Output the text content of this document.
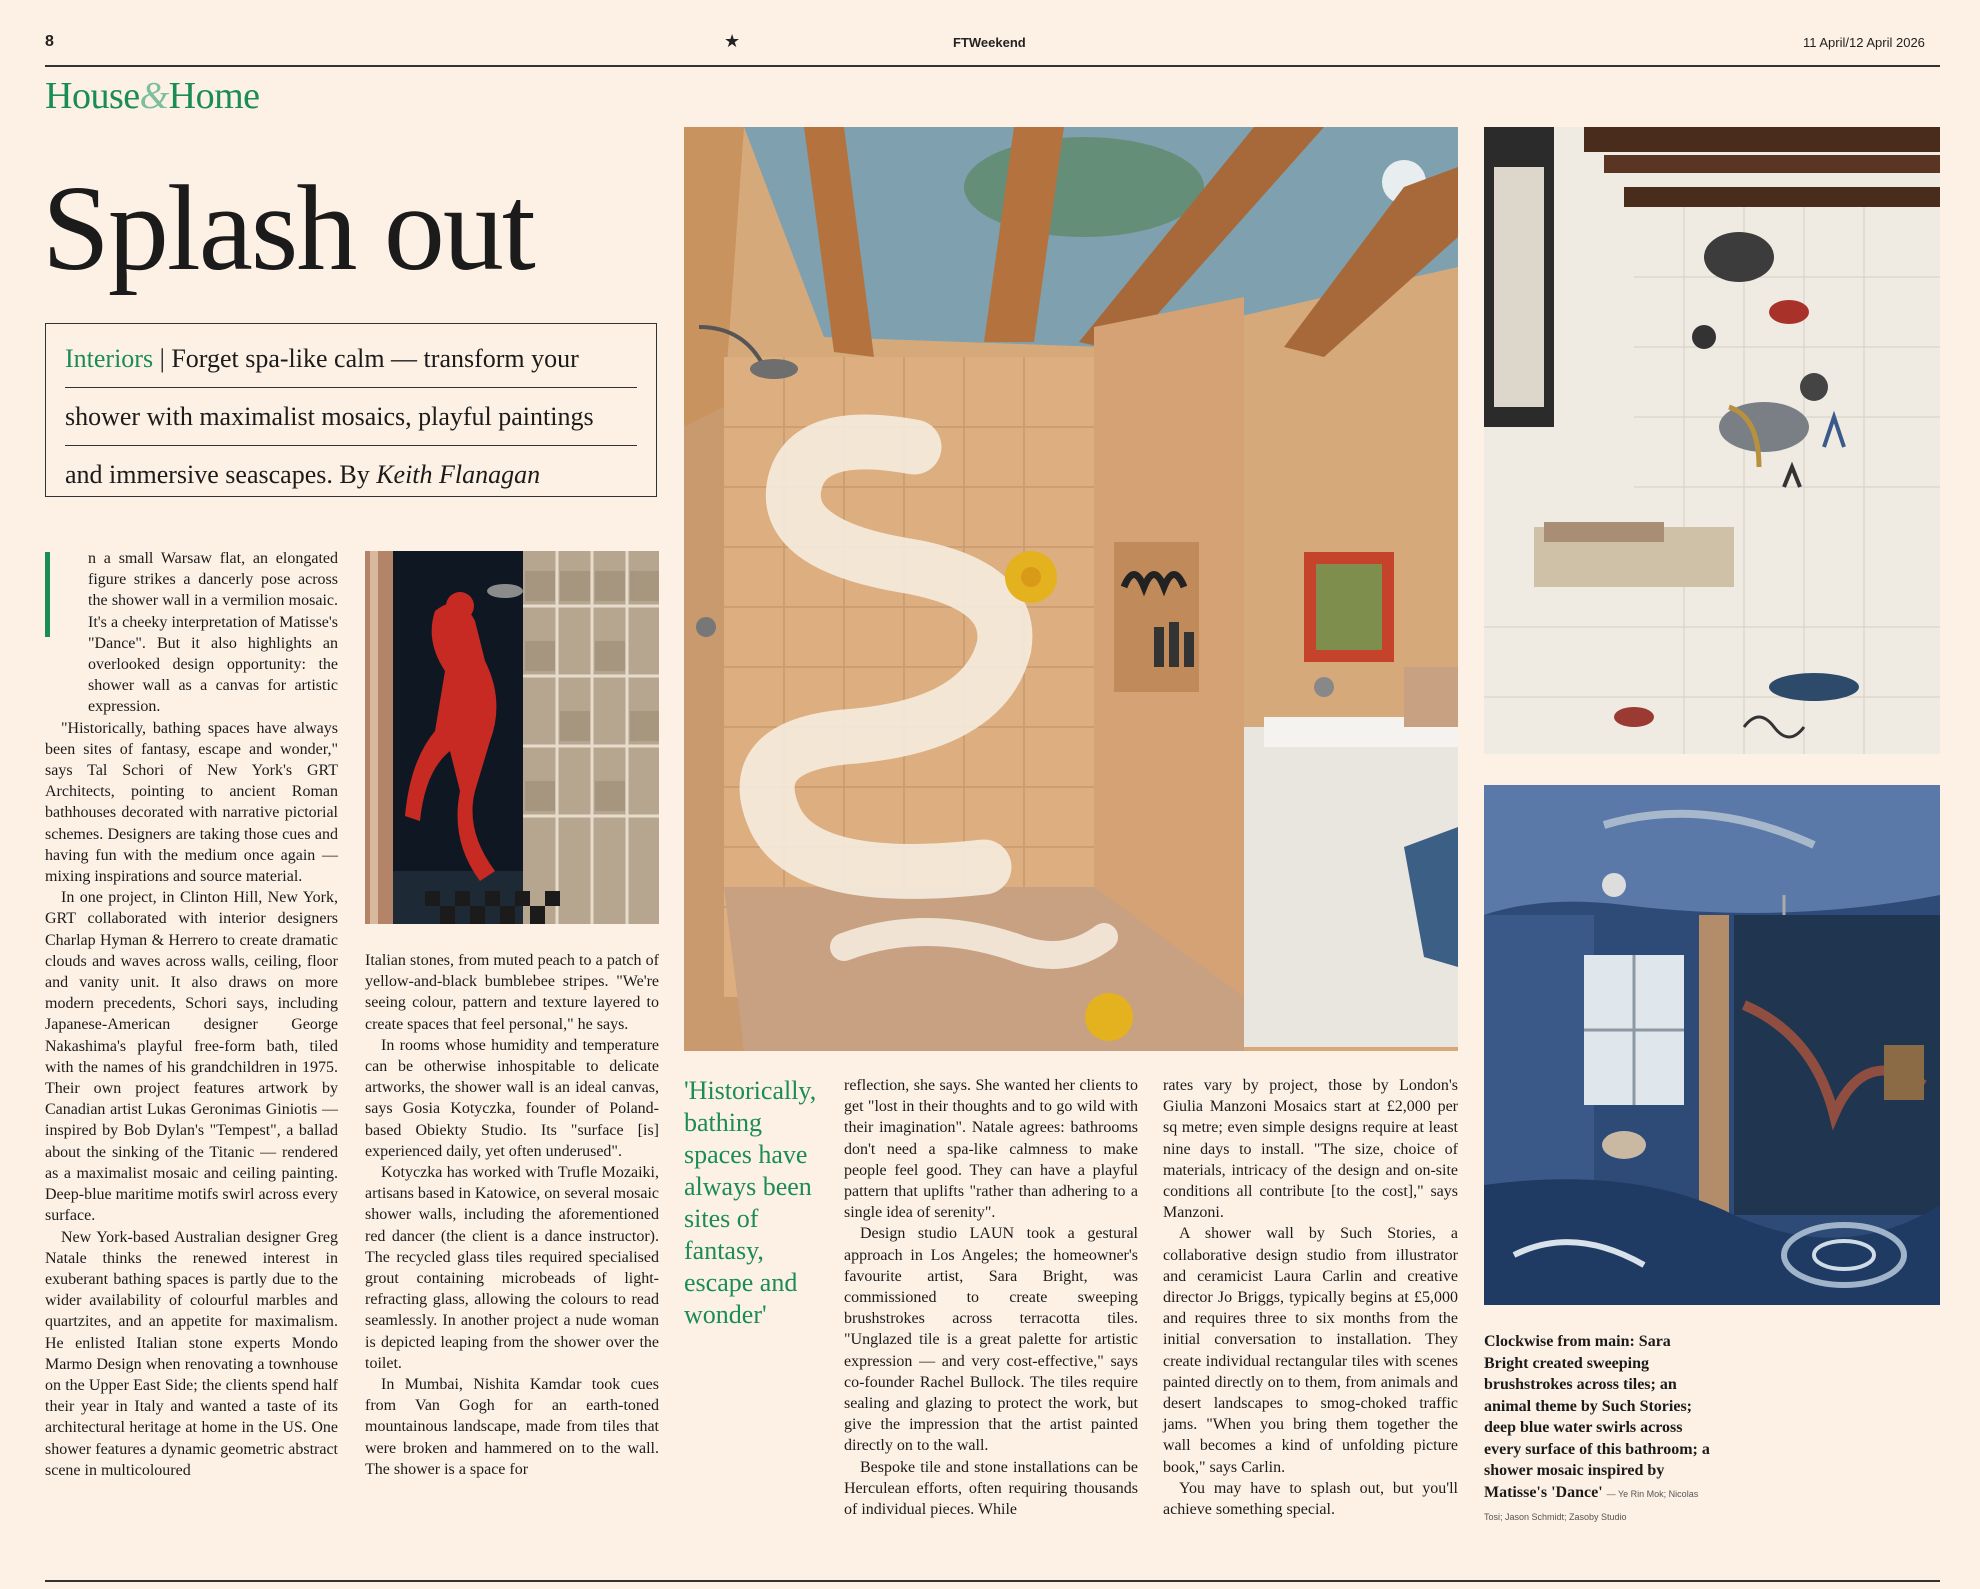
8	★	FTWeekend	11 April/12 April 2026
House&Home
Splash out
Interiors | Forget spa-like calm — transform your
shower with maximalist mosaics, playful paintings
and immersive seascapes. By Keith Flanagan

n a small Warsaw flat, an elongated figure strikes a dancerly pose across the shower wall in a vermilion mosaic. It's a cheeky interpretation of Matisse's "Dance". But it also highlights an overlooked design opportunity: the shower wall as a canvas for artistic expression.

"Historically, bathing spaces have always been sites of fantasy, escape and wonder," says Tal Schori of New York's GRT Architects, pointing to ancient Roman bathhouses decorated with narrative pictorial schemes. Designers are taking those cues and having fun with the medium once again — mixing inspirations and source material.

In one project, in Clinton Hill, New York, GRT collaborated with interior designers Charlap Hyman & Herrero to create dramatic clouds and waves across walls, ceiling, floor and vanity unit. It also draws on more modern precedents, Schori says, including Japanese-American designer George Nakashima's playful free-form bath, tiled with the names of his grandchildren in 1975. Their own project features artwork by Canadian artist Lukas Geronimas Giniotis — inspired by Bob Dylan's "Tempest", a ballad about the sinking of the Titanic — rendered as a maximalist mosaic and ceiling painting. Deep-blue maritime motifs swirl across every surface.

New York-based Australian designer Greg Natale thinks the renewed interest in exuberant bathing spaces is partly due to the wider availability of colourful marbles and quartzites, and an appetite for maximalism. He enlisted Italian stone experts Mondo Marmo Design when renovating a townhouse on the Upper East Side; the clients spend half their year in Italy and wanted a taste of its architectural heritage at home in the US. One shower features a dynamic geometric abstract scene in multicoloured

Italian stones, from muted peach to a patch of yellow-and-black bumblebee stripes. "We're seeing colour, pattern and texture layered to create spaces that feel personal," he says.

In rooms whose humidity and temperature can be otherwise inhospitable to delicate artworks, the shower wall is an ideal canvas, says Gosia Kotyczka, founder of Poland-based Obiekty Studio. Its "surface [is] experienced daily, yet often underused".

Kotyczka has worked with Trufle Mozaiki, artisans based in Katowice, on several mosaic shower walls, including the aforementioned red dancer (the client is a dance instructor). The recycled glass tiles required specialised grout containing microbeads of light-refracting glass, allowing the colours to read seamlessly. In another project a nude woman is depicted leaping from the shower over the toilet.

In Mumbai, Nishita Kamdar took cues from Van Gogh for an earth-toned mountainous landscape, made from tiles that were broken and hammered on to the wall. The shower is a space for

'Historically, bathing spaces have always been sites of fantasy, escape and wonder'

reflection, she says. She wanted her clients to get "lost in their thoughts and to go wild with their imagination". Natale agrees: bathrooms don't need a spa-like calmness to make people feel good. They can have a playful pattern that uplifts "rather than adhering to a single idea of serenity".

Design studio LAUN took a gestural approach in Los Angeles; the homeowner's favourite artist, Sara Bright, was commissioned to create sweeping brushstrokes across terracotta tiles. "Unglazed tile is a great palette for artistic expression — and very cost-effective," says co-founder Rachel Bullock. The tiles require sealing and glazing to protect the work, but give the impression that the artist painted directly on to the wall.

Bespoke tile and stone installations can be Herculean efforts, often requiring thousands of individual pieces. While

rates vary by project, those by London's Giulia Manzoni Mosaics start at £2,000 per sq metre; even simple designs require at least nine days to install. "The size, choice of materials, intricacy of the design and on-site conditions all contribute [to the cost]," says Manzoni.

A shower wall by Such Stories, a collaborative design studio from illustrator and ceramicist Laura Carlin and creative director Jo Briggs, typically begins at £5,000 and requires three to six months from the initial conversation to installation. They create individual rectangular tiles with scenes painted directly on to them, from animals and desert landscapes to smog-choked traffic jams. "When you bring them together the wall becomes a kind of unfolding picture book," says Carlin.

You may have to splash out, but you'll achieve something special.

Clockwise from main: Sara Bright created sweeping brushstrokes across tiles; an animal theme by Such Stories; deep blue water swirls across every surface of this bathroom; a shower mosaic inspired by Matisse's 'Dance' — Ye Rin Mok; Nicolas Tosi; Jason Schmidt; Zasoby Studio
